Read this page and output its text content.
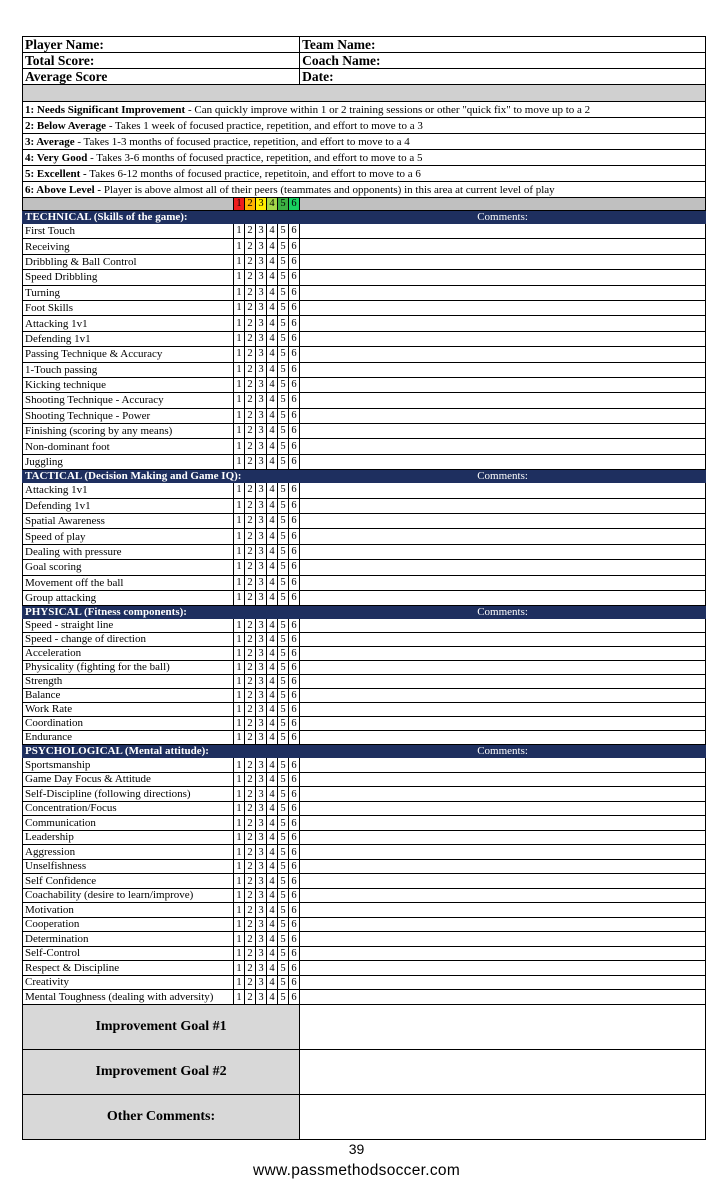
Player Name:							Team Name:
Total Score:							Coach Name:
Average Score							Date:

1: Needs Significant Improvement - Can quickly improve within 1 or 2 training sessions or other "quick fix" to move up to a 2							
2: Below Average - Takes 1 week of focused practice, repetition, and effort to move to a 3							
3: Average - Takes 1-3 months of focused practice, repetition, and effort to move to a 4							
4: Very Good - Takes 3-6 months of focused practice, repetition, and effort to move to a 5							
5: Excellent - Takes 6-12 months of focused practice, repetitoin, and effort to move to a 6							
6: Above Level - Player is above almost all of their peers (teammates and opponents) in this area at current level of play							
	1	2	3	4	5	6	
TECHNICAL (Skills of the game):							Comments:
First Touch	1	2	3	4	5	6	
Receiving	1	2	3	4	5	6	
Dribbling & Ball Control	1	2	3	4	5	6	
Speed Dribbling	1	2	3	4	5	6	
Turning	1	2	3	4	5	6	
Foot Skills	1	2	3	4	5	6	
Attacking 1v1	1	2	3	4	5	6	
Defending 1v1	1	2	3	4	5	6	
Passing Technique & Accuracy	1	2	3	4	5	6	
1-Touch passing	1	2	3	4	5	6	
Kicking technique	1	2	3	4	5	6	
Shooting Technique - Accuracy	1	2	3	4	5	6	
Shooting Technique - Power	1	2	3	4	5	6	
Finishing (scoring by any means)	1	2	3	4	5	6	
Non-dominant foot	1	2	3	4	5	6	
Juggling	1	2	3	4	5	6	
TACTICAL (Decision Making and Game IQ):							Comments:
Attacking 1v1	1	2	3	4	5	6	
Defending 1v1	1	2	3	4	5	6	
Spatial Awareness	1	2	3	4	5	6	
Speed of play	1	2	3	4	5	6	
Dealing with pressure	1	2	3	4	5	6	
Goal scoring	1	2	3	4	5	6	
Movement off the ball	1	2	3	4	5	6	
Group attacking	1	2	3	4	5	6	
PHYSICAL (Fitness components):							Comments:
Speed - straight line	1	2	3	4	5	6	
Speed - change of direction	1	2	3	4	5	6	
Acceleration	1	2	3	4	5	6	
Physicality (fighting for the ball)	1	2	3	4	5	6	
Strength	1	2	3	4	5	6	
Balance	1	2	3	4	5	6	
Work Rate	1	2	3	4	5	6	
Coordination	1	2	3	4	5	6	
Endurance	1	2	3	4	5	6	
PSYCHOLOGICAL (Mental attitude):							Comments:
Sportsmanship	1	2	3	4	5	6	
Game Day Focus & Attitude	1	2	3	4	5	6	
Self-Discipline (following directions)	1	2	3	4	5	6	
Concentration/Focus	1	2	3	4	5	6	
Communication	1	2	3	4	5	6	
Leadership	1	2	3	4	5	6	
Aggression	1	2	3	4	5	6	
Unselfishness	1	2	3	4	5	6	
Self Confidence	1	2	3	4	5	6	
Coachability (desire to learn/improve)	1	2	3	4	5	6	
Motivation	1	2	3	4	5	6	
Cooperation	1	2	3	4	5	6	
Determination	1	2	3	4	5	6	
Self-Control	1	2	3	4	5	6	
Respect & Discipline	1	2	3	4	5	6	
Creativity	1	2	3	4	5	6	
Mental Toughness (dealing with adversity)	1	2	3	4	5	6	
Improvement Goal #1							
Improvement Goal #2							
Other Comments:							
39
www.passmethodsoccer.com
